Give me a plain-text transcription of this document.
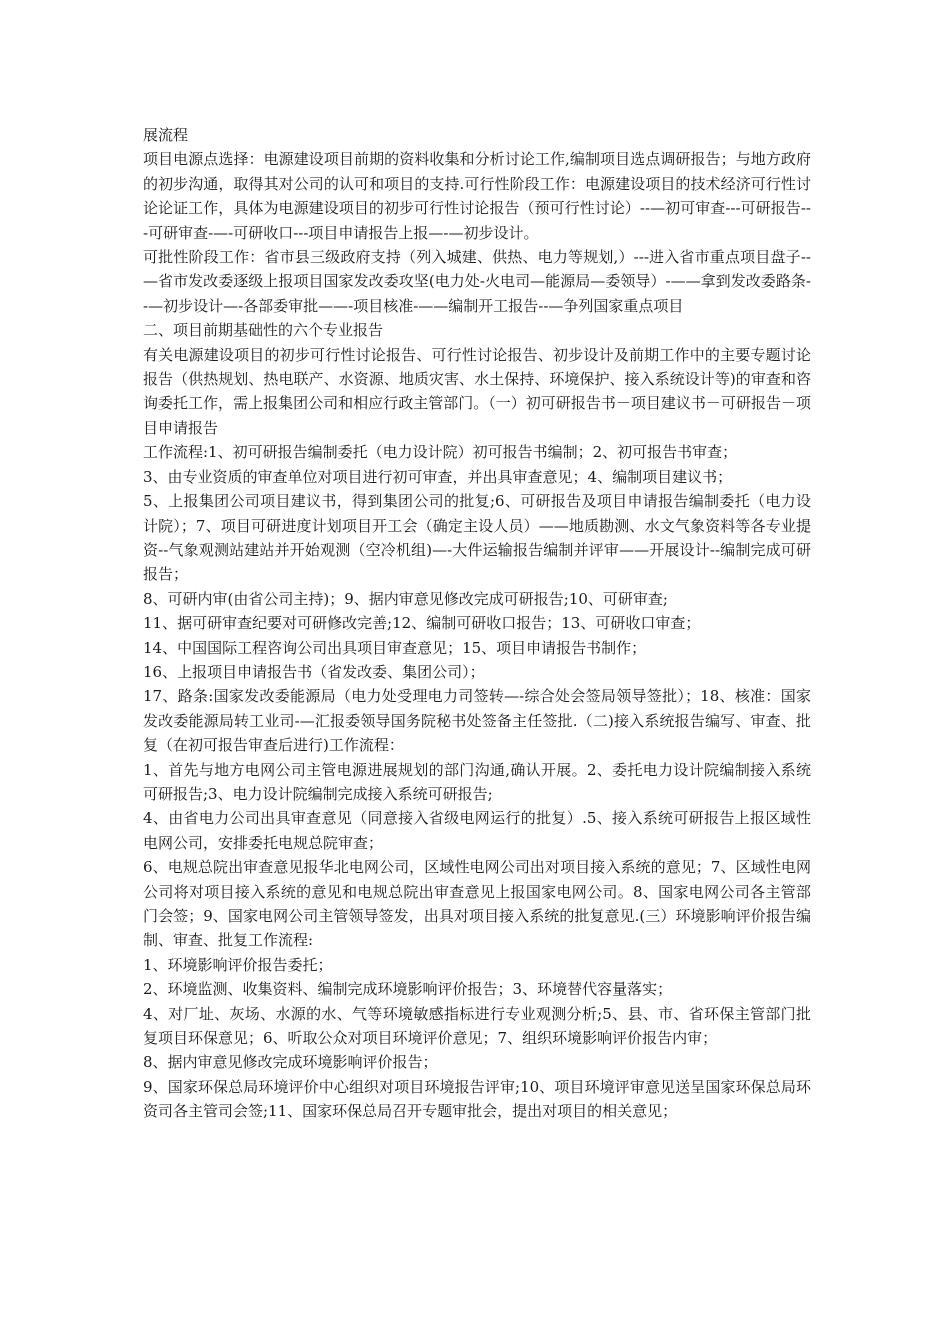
展流程

项目电源点选择：电源建设项目前期的资料收集和分析讨论工作,编制项目选点调研报告；与地方政府的初步沟通，取得其对公司的认可和项目的支持.可行性阶段工作：电源建设项目的技术经济可行性讨论论证工作，具体为电源建设项目的初步可行性讨论报告（预可行性讨论）--—初可审查---可研报告---可研审查-—-可研收口---项目申请报告上报—-—初步设计。

可批性阶段工作：省市县三级政府支持（列入城建、供热、电力等规划,）---进入省市重点项目盘子--—省市发改委逐级上报项目国家发改委攻坚(电力处-火电司—能源局—委领导）-——拿到发改委路条--—初步设计—-各部委审批——-项目核准-——编制开工报告--—争列国家重点项目

二、项目前期基础性的六个专业报告

有关电源建设项目的初步可行性讨论报告、可行性讨论报告、初步设计及前期工作中的主要专题讨论报告（供热规划、热电联产、水资源、地质灾害、水土保持、环境保护、接入系统设计等)的审查和咨询委托工作，需上报集团公司和相应行政主管部门。（一）初可研报告书－项目建议书－可研报告－项目申请报告

工作流程:1、初可研报告编制委托（电力设计院）初可报告书编制；2、初可报告书审查；

3、由专业资质的审查单位对项目进行初可审查，并出具审查意见；4、编制项目建议书；

5、上报集团公司项目建议书，得到集团公司的批复;6、可研报告及项目申请报告编制委托（电力设计院）；7、项目可研进度计划项目开工会（确定主设人员）——地质勘测、水文气象资料等各专业提资--气象观测站建站并开始观测（空冷机组)—-大件运输报告编制并评审——开展设计--编制完成可研报告；

8、可研内审(由省公司主持)；9、据内审意见修改完成可研报告;10、可研审查;

11、据可研审查纪要对可研修改完善;12、编制可研收口报告；13、可研收口审查；

14、中国国际工程咨询公司出具项目审查意见；15、项目申请报告书制作；

16、上报项目申请报告书（省发改委、集团公司）；

17、路条:国家发改委能源局（电力处受理电力司签转—-综合处会签局领导签批）；18、核准：国家发改委能源局转工业司-—汇报委领导国务院秘书处签备主任签批.（二)接入系统报告编写、审查、批复（在初可报告审查后进行)工作流程：

1、首先与地方电网公司主管电源进展规划的部门沟通,确认开展。2、委托电力设计院编制接入系统可研报告;3、电力设计院编制完成接入系统可研报告;

4、由省电力公司出具审查意见（同意接入省级电网运行的批复）.5、接入系统可研报告上报区域性电网公司，安排委托电规总院审查；

6、电规总院出审查意见报华北电网公司，区域性电网公司出对项目接入系统的意见；7、区域性电网公司将对项目接入系统的意见和电规总院出审查意见上报国家电网公司。8、国家电网公司各主管部门会签；9、国家电网公司主管领导签发，出具对项目接入系统的批复意见.(三）环境影响评价报告编制、审查、批复工作流程:

1、环境影响评价报告委托；

2、环境监测、收集资料、编制完成环境影响评价报告；3、环境替代容量落实；

4、对厂址、灰场、水源的水、气等环境敏感指标进行专业观测分析;5、县、市、省环保主管部门批复项目环保意见；6、听取公众对项目环境评价意见；7、组织环境影响评价报告内审；

8、据内审意见修改完成环境影响评价报告；

9、国家环保总局环境评价中心组织对项目环境报告评审;10、项目环境评审意见送呈国家环保总局环资司各主管司会签;11、国家环保总局召开专题审批会，提出对项目的相关意见；
